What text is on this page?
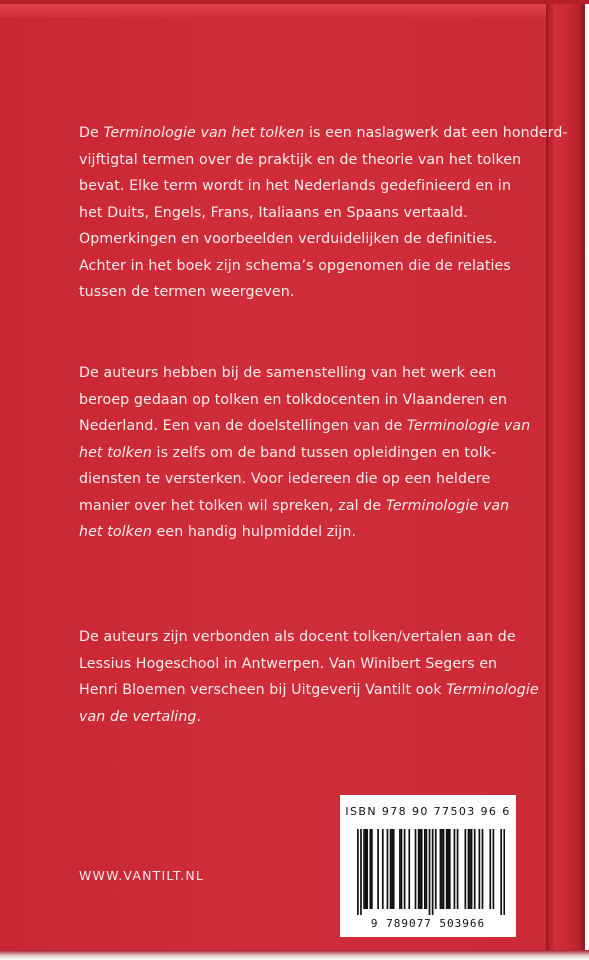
De Terminologie van het tolken is een naslagwerk dat een honderd-
vijftigtal termen over de praktijk en de theorie van het tolken
bevat. Elke term wordt in het Nederlands gedefinieerd en in
het Duits, Engels, Frans, Italiaans en Spaans vertaald.
Opmerkingen en voorbeelden verduidelijken de definities.
Achter in het boek zijn schema’s opgenomen die de relaties
tussen de termen weergeven.
De auteurs hebben bij de samenstelling van het werk een
beroep gedaan op tolken en tolkdocenten in Vlaanderen en
Nederland. Een van de doelstellingen van de Terminologie van
het tolken is zelfs om de band tussen opleidingen en tolk-
diensten te versterken. Voor iedereen die op een heldere
manier over het tolken wil spreken, zal de Terminologie van
het tolken een handig hulpmiddel zijn.
De auteurs zijn verbonden als docent tolken/vertalen aan de
Lessius Hogeschool in Antwerpen. Van Winibert Segers en
Henri Bloemen verscheen bij Uitgeverij Vantilt ook Terminologie
van de vertaling.
WWW.VANTILT.NL
ISBN 978 90 77503 96 6
9 789077 503966
